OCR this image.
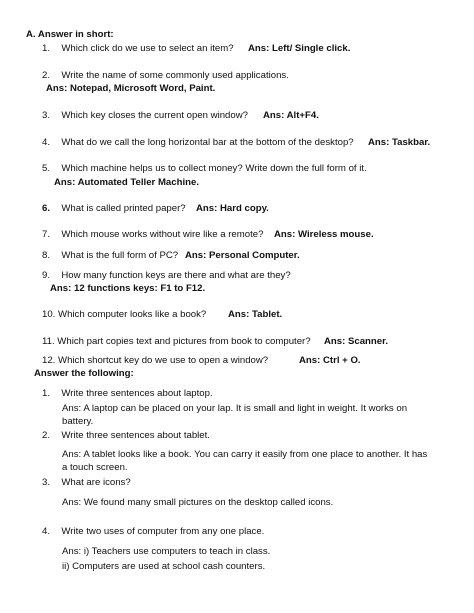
A. Answer in short:
1. Which click do we use to select an item? Ans: Left/ Single click.
2. Write the name of some commonly used applications.
Ans: Notepad, Microsoft Word, Paint.
3. Which key closes the current open window? Ans: Alt+F4.
4. What do we call the long horizontal bar at the bottom of the desktop? Ans: Taskbar.
5. Which machine helps us to collect money? Write down the full form of it.
Ans: Automated Teller Machine.
6. What is called printed paper? Ans: Hard copy.
7. Which mouse works without wire like a remote? Ans: Wireless mouse.
8. What is the full form of PC? Ans: Personal Computer.
9. How many function keys are there and what are they?
Ans: 12 functions keys: F1 to F12.
10. Which computer looks like a book? Ans: Tablet.
11. Which part copies text and pictures from book to computer? Ans: Scanner.
12. Which shortcut key do we use to open a window?	Ans: Ctrl + O.
Answer the following:
1. Write three sentences about laptop.
Ans: A laptop can be placed on your lap. It is small and light in weight. It works on
battery.
2. Write three sentences about tablet.
Ans: A tablet looks like a book. You can carry it easily from one place to another. It has
a touch screen.
3. What are icons?
Ans: We found many small pictures on the desktop called icons.
4. Write two uses of computer from any one place.
Ans: i) Teachers use computers to teach in class.
ii) Computers are used at school cash counters.
